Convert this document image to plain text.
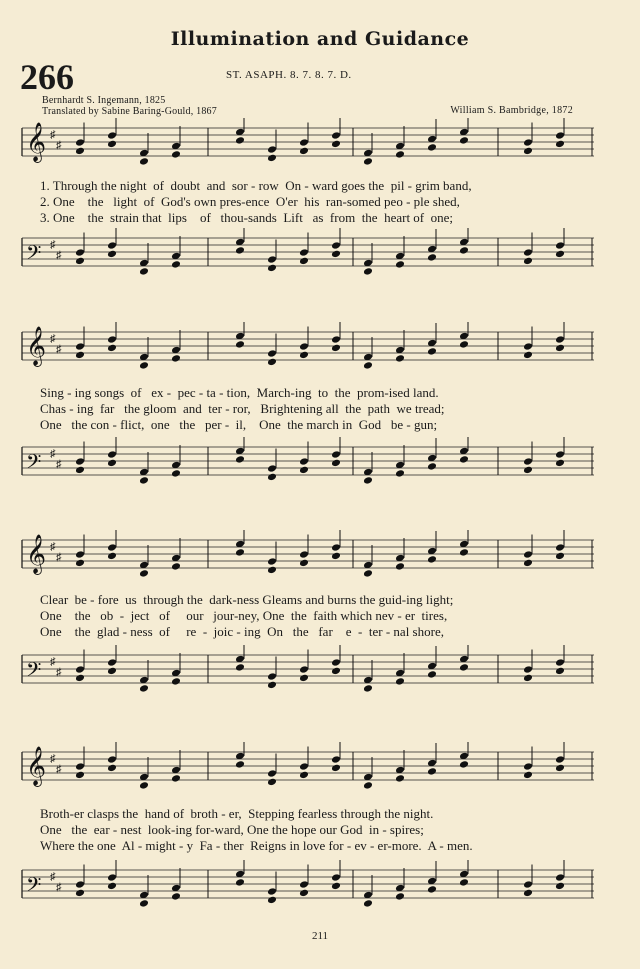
Illumination and Guidance
266	ST. ASAPH. 8. 7. 8. 7. D.
Bernhardt S. Ingemann, 1825
Translated by Sabine Baring-Gould, 1867	William S. Bambridge, 1872
𝄞 ♯
♯
1. Through the night  of  doubt  and  sor - row  On - ward goes the  pil - grim band,
2. One    the   light  of  God's own pres-ence  O'er  his  ran-somed peo - ple shed,
3. One    the  strain that  lips    of   thou-sands  Lift   as  from  the  heart of  one;
𝄢 ♯
♯
𝄞 ♯
♯
Sing - ing songs  of   ex -  pec - ta - tion,  March-ing  to  the  prom-ised land.
Chas - ing  far   the gloom  and  ter - ror,   Brightening all  the  path  we tread;
One   the con - flict,  one   the   per -  il,    One  the march in  God   be - gun;
𝄢 ♯
♯
𝄞 ♯
♯
Clear  be - fore  us  through the  dark-ness Gleams and burns the guid-ing light;
One    the   ob  -  ject   of     our   jour-ney, One  the  faith which nev - er  tires,
One    the  glad - ness  of     re  -  joic - ing  On   the   far    e  -  ter - nal shore,
𝄢 ♯
♯
𝄞 ♯
♯
Broth-er clasps the  hand of  broth - er,  Stepping fearless through the night.
One   the  ear - nest  look-ing for-ward, One the hope our God  in - spires;
Where the one  Al - might - y  Fa - ther  Reigns in love for - ev - er-more.  A - men.
𝄢 ♯
♯
211
